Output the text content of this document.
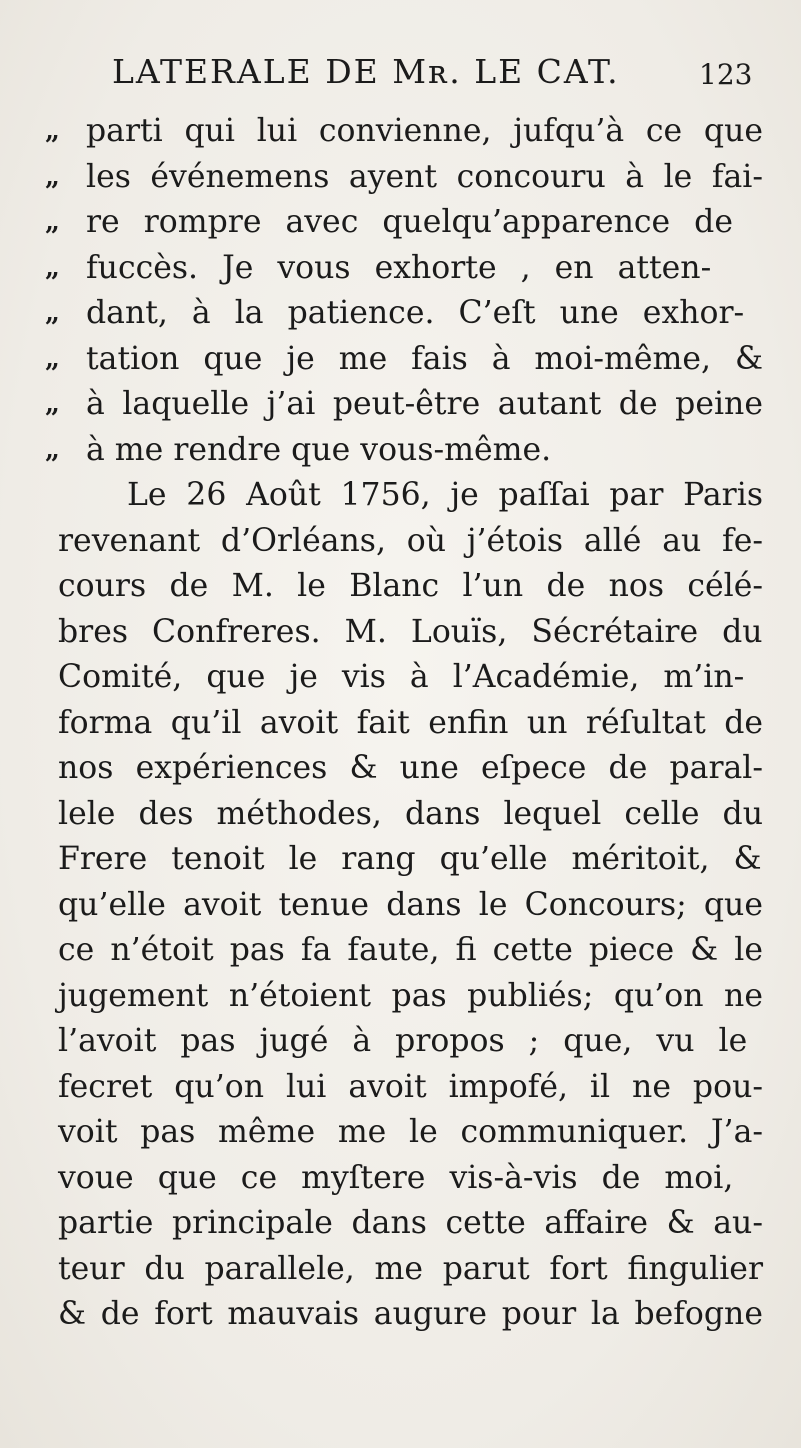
LATERALE DE Mʀ. LE CAT.	123
„ parti qui lui convienne, jufqu’à ce que
„ les événemens ayent concouru à le fai-
„ re rompre avec quelqu’apparence de
„ fuccès. Je vous exhorte , en atten-
„ dant, à la patience. C’eſt une exhor-
„ tation que je me fais à moi-même, &
„ à laquelle j’ai peut-être autant de peine
„ à me rendre que vous-même.
Le 26 Août 1756, je paſſai par Paris
revenant d’Orléans, où j’étois allé au fe-
cours de M. le Blanc l’un de nos célé-
bres Confreres. M. Louïs, Sécrétaire du
Comité, que je vis à l’Académie, m’in-
forma qu’il avoit fait enfin un réſultat de
nos expériences & une eſpece de paral-
lele des méthodes, dans lequel celle du
Frere tenoit le rang qu’elle méritoit, &
qu’elle avoit tenue dans le Concours; que
ce n’étoit pas fa faute, fi cette piece & le
jugement n’étoient pas publiés; qu’on ne
l’avoit pas jugé à propos ; que, vu le
fecret qu’on lui avoit impofé, il ne pou-
voit pas même me le communiquer. J’a-
voue que ce myſtere vis-à-vis de moi,
partie principale dans cette affaire & au-
teur du parallele, me parut fort fingulier
& de fort mauvais augure pour la befogne
